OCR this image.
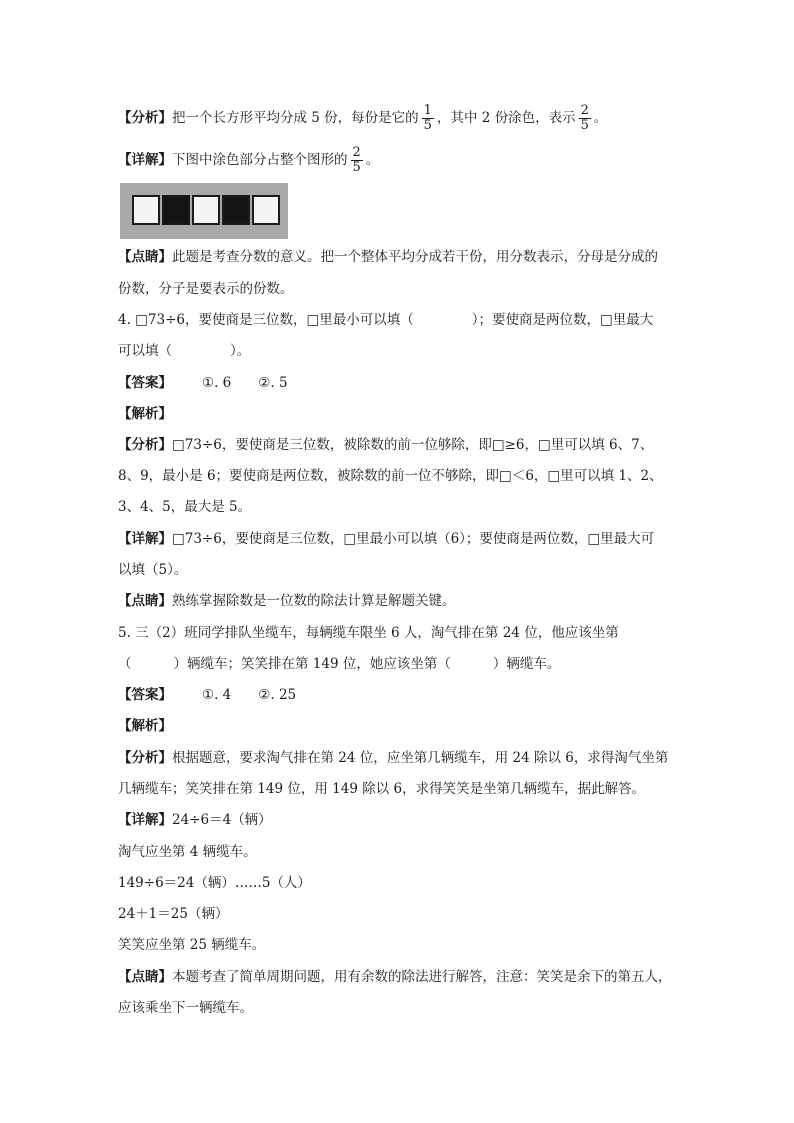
【分析】把一个长方形平均分成 5 份，每份是它的 $\frac{1}{5}$ ，其中 2 份涂色，表示 $\frac{2}{5}$ 。
【详解】下图中涂色部分占整个图形的 $\frac{2}{5}$ 。
【点睛】此题是考查分数的意义。把一个整体平均分成若干份，用分数表示，分母是分成的
份数，分子是要表示的份数。
4. □73÷6，要使商是三位数，□里最小可以填（	）；要使商是两位数，□里最大
可以填（	）。
【答案】 ①. 6　　②. 5
【解析】
【分析】□73÷6，要使商是三位数，被除数的前一位够除，即□≥6，□里可以填 6、7、
8、9，最小是 6；要使商是两位数，被除数的前一位不够除，即□＜6，□里可以填 1、2、
3、4、5，最大是 5。
【详解】□73÷6，要使商是三位数，□里最小可以填（6）；要使商是两位数，□里最大可
以填（5）。
【点睛】熟练掌握除数是一位数的除法计算是解题关键。
5. 三（2）班同学排队坐缆车，每辆缆车限坐 6 人，淘气排在第 24 位，他应该坐第
（	）辆缆车；笑笑排在第 149 位，她应该坐第（	）辆缆车。
【答案】 ①. 4　　②. 25
【解析】
【分析】根据题意，要求淘气排在第 24 位，应坐第几辆缆车，用 24 除以 6，求得淘气坐第
几辆缆车；笑笑排在第 149 位，用 149 除以 6，求得笑笑是坐第几辆缆车，据此解答。
【详解】24÷6＝4（辆）
淘气应坐第 4 辆缆车。
149÷6＝24（辆）……5（人）
24＋1＝25（辆）
笑笑应坐第 25 辆缆车。
【点睛】本题考查了简单周期问题，用有余数的除法进行解答，注意：笑笑是余下的第五人，
应该乘坐下一辆缆车。
